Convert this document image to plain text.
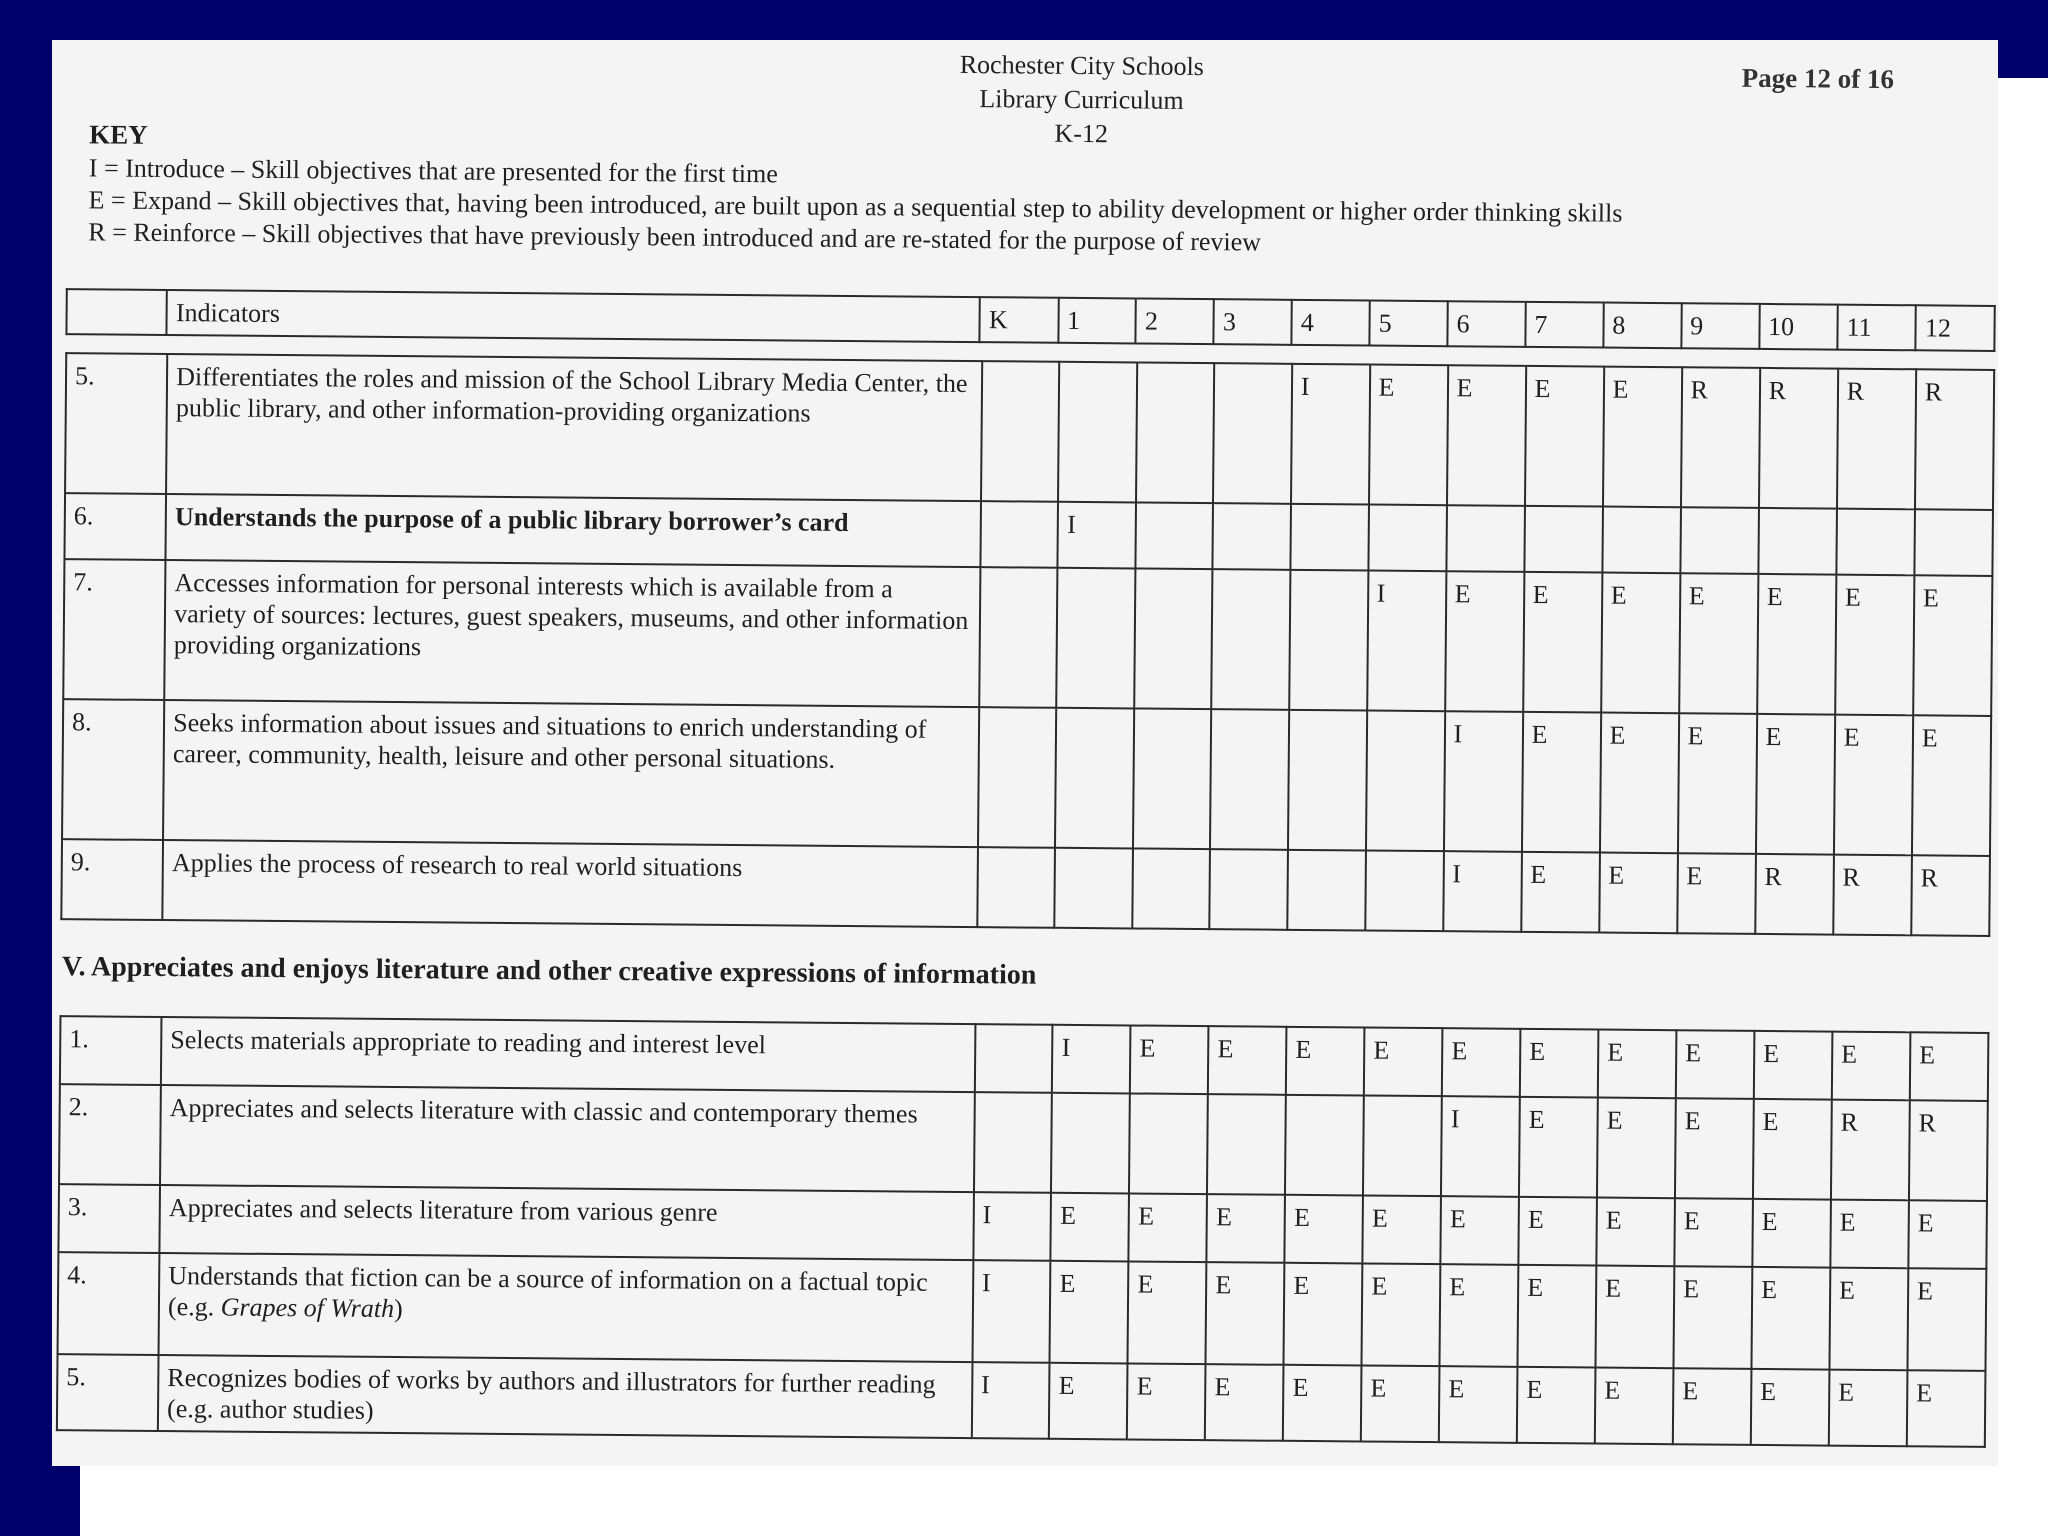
Rochester City Schools
Library Curriculum
K-12
Page 12 of 16
KEY
I = Introduce – Skill objectives that are presented for the first time
E = Expand – Skill objectives that, having been introduced, are built upon as a sequential step to ability development or higher order thinking skills
R = Reinforce – Skill objectives that have previously been introduced and are re-stated for the purpose of review
	Indicators	K	1	2	3	4	5	6	7	8	9	10	11	12
5.	Differentiates the roles and mission of the School Library Media Center, the public library, and other information-providing organizations					I	E	E	E	E	R	R	R	R
6.	Understands the purpose of a public library borrower’s card		I											
7.	Accesses information for personal interests which is available from a variety of sources: lectures, guest speakers, museums, and other information providing organizations						I	E	E	E	E	E	E	E
8.	Seeks information about issues and situations to enrich understanding of career, community, health, leisure and other personal situations.							I	E	E	E	E	E	E
9.	Applies the process of research to real world situations							I	E	E	E	R	R	R
V. Appreciates and enjoys literature and other creative expressions of information
1.	Selects materials appropriate to reading and interest level		I	E	E	E	E	E	E	E	E	E	E	E
2.	Appreciates and selects literature with classic and contemporary themes							I	E	E	E	E	R	R
3.	Appreciates and selects literature from various genre	I	E	E	E	E	E	E	E	E	E	E	E	E
4.	Understands that fiction can be a source of information on a factual topic (e.g. Grapes of Wrath)	I	E	E	E	E	E	E	E	E	E	E	E	E
5.	Recognizes bodies of works by authors and illustrators for further reading (e.g. author studies)	I	E	E	E	E	E	E	E	E	E	E	E	E
